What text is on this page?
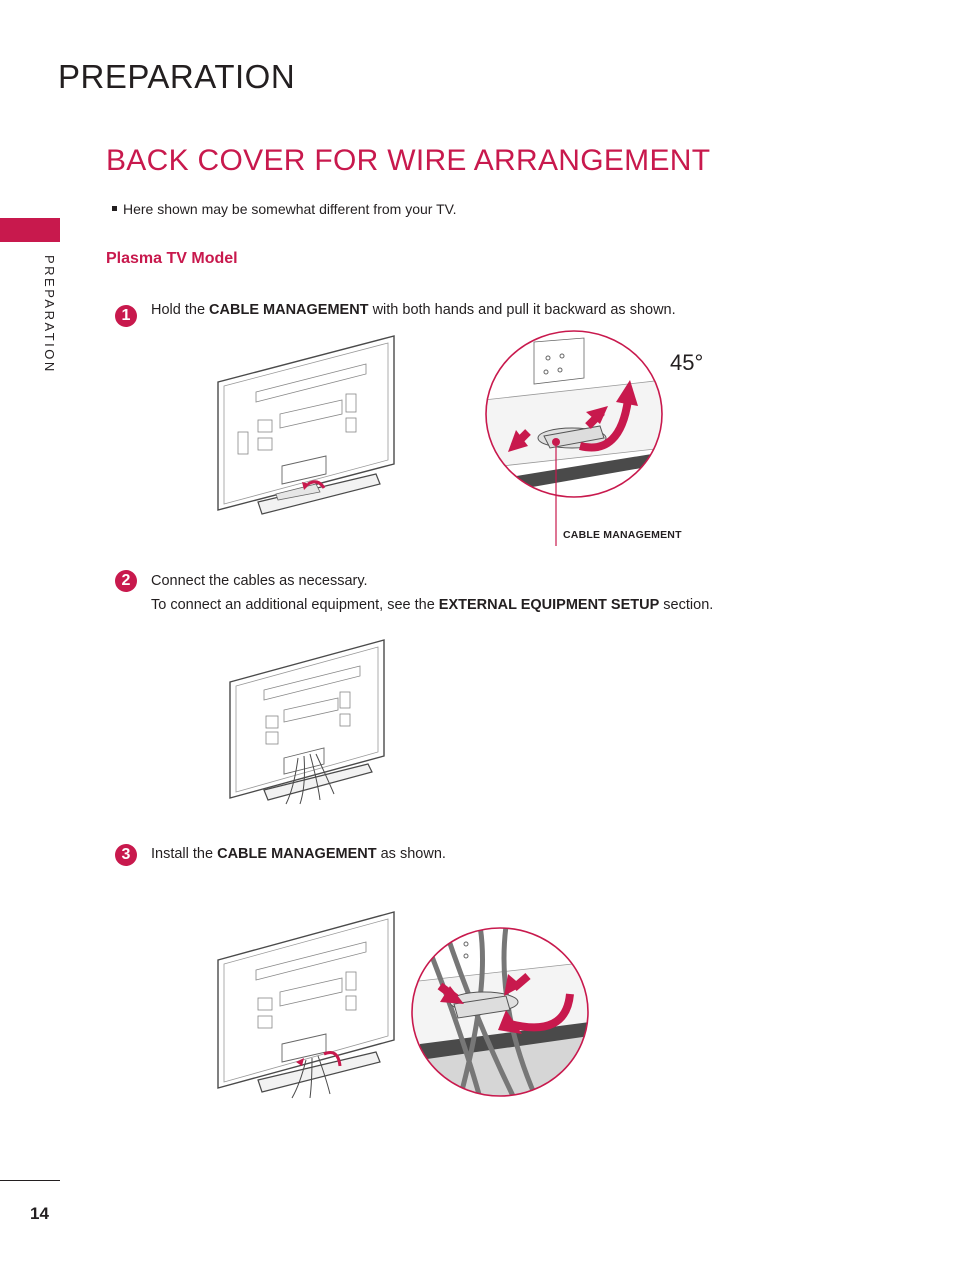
PREPARATION
PREPARATION
BACK COVER FOR WIRE ARRANGEMENT
Here shown may be somewhat different from your TV.
Plasma TV Model
1	Hold the CABLE MANAGEMENT with both hands and pull it backward as shown.
CABLE MANAGEMENT
45°
2	Connect the cables as necessary.
To connect an additional equipment, see the EXTERNAL EQUIPMENT SETUP section.
3	Install the CABLE MANAGEMENT as shown.
14
